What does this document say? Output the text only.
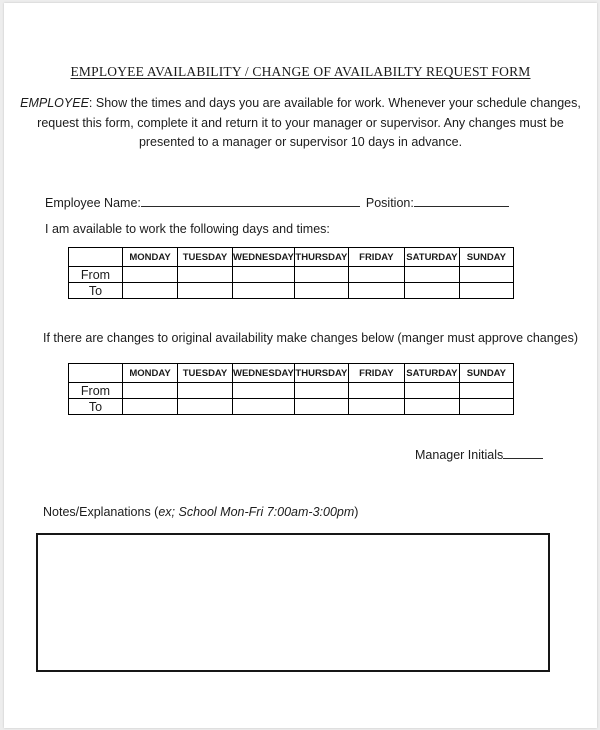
EMPLOYEE AVAILABILITY / CHANGE OF AVAILABILTY REQUEST FORM
EMPLOYEE: Show the times and days you are available for work. Whenever your schedule changes,
request this form, complete it and return it to your manager or supervisor. Any changes must be
presented to a manager or supervisor 10 days in advance.
Employee Name:	Position:
I am available to work the following days and times:
	MONDAY	TUESDAY	WEDNESDAY	THURSDAY	FRIDAY	SATURDAY	SUNDAY
From							
To							
If there are changes to original availability make changes below (manger must approve changes)
	MONDAY	TUESDAY	WEDNESDAY	THURSDAY	FRIDAY	SATURDAY	SUNDAY
From							
To							
Manager Initials
Notes/Explanations (ex; School Mon-Fri 7:00am-3:00pm)
